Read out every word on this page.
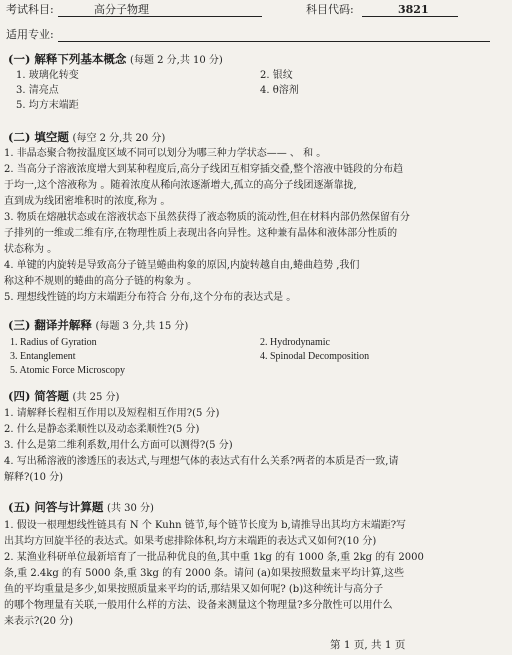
考试科目:	高分子物理	科目代码:	3821
适用专业:
(一) 解释下列基本概念 (每题 2 分,共 10 分)
1. 玻璃化转变	2. 银纹
3. 清亮点	4. θ溶剂
5. 均方末端距
(二) 填空题 (每空 2 分,共 20 分)
1. 非晶态聚合物按温度区域不同可以划分为哪三种力学状态—— 、 和 。
2. 当高分子溶液浓度增大到某种程度后,高分子线团互相穿插交叠,整个溶液中链段的分布趋
于均一,这个溶液称为 。随着浓度从稀向浓逐渐增大,孤立的高分子线团逐渐靠拢,
直到成为线团密堆积时的浓度,称为 。
3. 物质在熔融状态或在溶液状态下虽然获得了液态物质的流动性,但在材料内部仍然保留有分
子排列的一维或二维有序,在物理性质上表现出各向异性。这种兼有晶体和液体部分性质的
状态称为 。
4. 单键的内旋转是导致高分子链呈蜷曲构象的原因,内旋转越自由,蜷曲趋势 ,我们
称这种不规则的蜷曲的高分子链的构象为 。
5. 理想线性链的均方末端距分布符合 分布,这个分布的表达式是 。
(三) 翻译并解释 (每题 3 分,共 15 分)
1. Radius of Gyration	2. Hydrodynamic
3. Entanglement	4. Spinodal Decomposition
5. Atomic Force Microscopy
(四) 简答题 (共 25 分)
1. 请解释长程相互作用以及短程相互作用?(5 分)
2. 什么是静态柔顺性以及动态柔顺性?(5 分)
3. 什么是第二维利系数,用什么方面可以测得?(5 分)
4. 写出稀溶液的渗透压的表达式,与理想气体的表达式有什么关系?两者的本质是否一致,请
解释?(10 分)
(五) 问答与计算题 (共 30 分)
1. 假设一根理想线性链具有 N 个 Kuhn 链节,每个链节长度为 b,请推导出其均方末端距?写
出其均方回旋半径的表达式。如果考虑排除体积,均方末端距的表达式又如何?(10 分)
2. 某渔业科研单位最新培育了一批品种优良的鱼,其中重 1kg 的有 1000 条,重 2kg 的有 2000
条,重 2.4kg 的有 5000 条,重 3kg 的有 2000 条。请问 (a)如果按照数量来平均计算,这些
鱼的平均重量是多少,如果按照质量来平均的话,那结果又如何呢? (b)这种统计与高分子
的哪个物理量有关联,一般用什么样的方法、设备来测量这个物理量?多分散性可以用什么
来表示?(20 分)
第 1 页, 共 1 页
